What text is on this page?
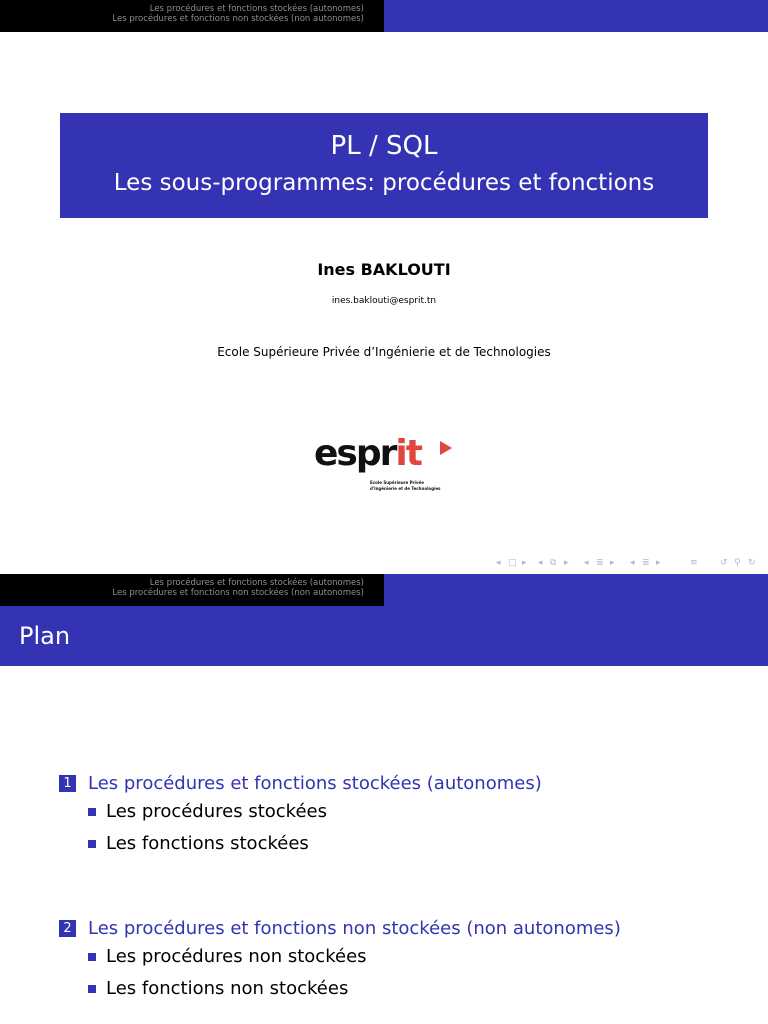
Les procédures et fonctions stockées (autonomes)
Les procédures et fonctions non stockées (non autonomes)
PL / SQL
Les sous-programmes: procédures et fonctions
Ines BAKLOUTI
ines.baklouti@esprit.tn
Ecole Supérieure Privée d’Ingénierie et de Technologies
esprit
Ecole Supérieure Privée
d'Ingénierie et de Technologies
◂ □ ▸ ◂ ⧉ ▸ ◂ ≣ ▸ ◂ ≣ ▸	≡ ↺ ⚲ ↻
Les procédures et fonctions stockées (autonomes)
Les procédures et fonctions non stockées (non autonomes)
Plan
1 Les procédures et fonctions stockées (autonomes)
Les procédures stockées
Les fonctions stockées
2 Les procédures et fonctions non stockées (non autonomes)
Les procédures non stockées
Les fonctions non stockées
